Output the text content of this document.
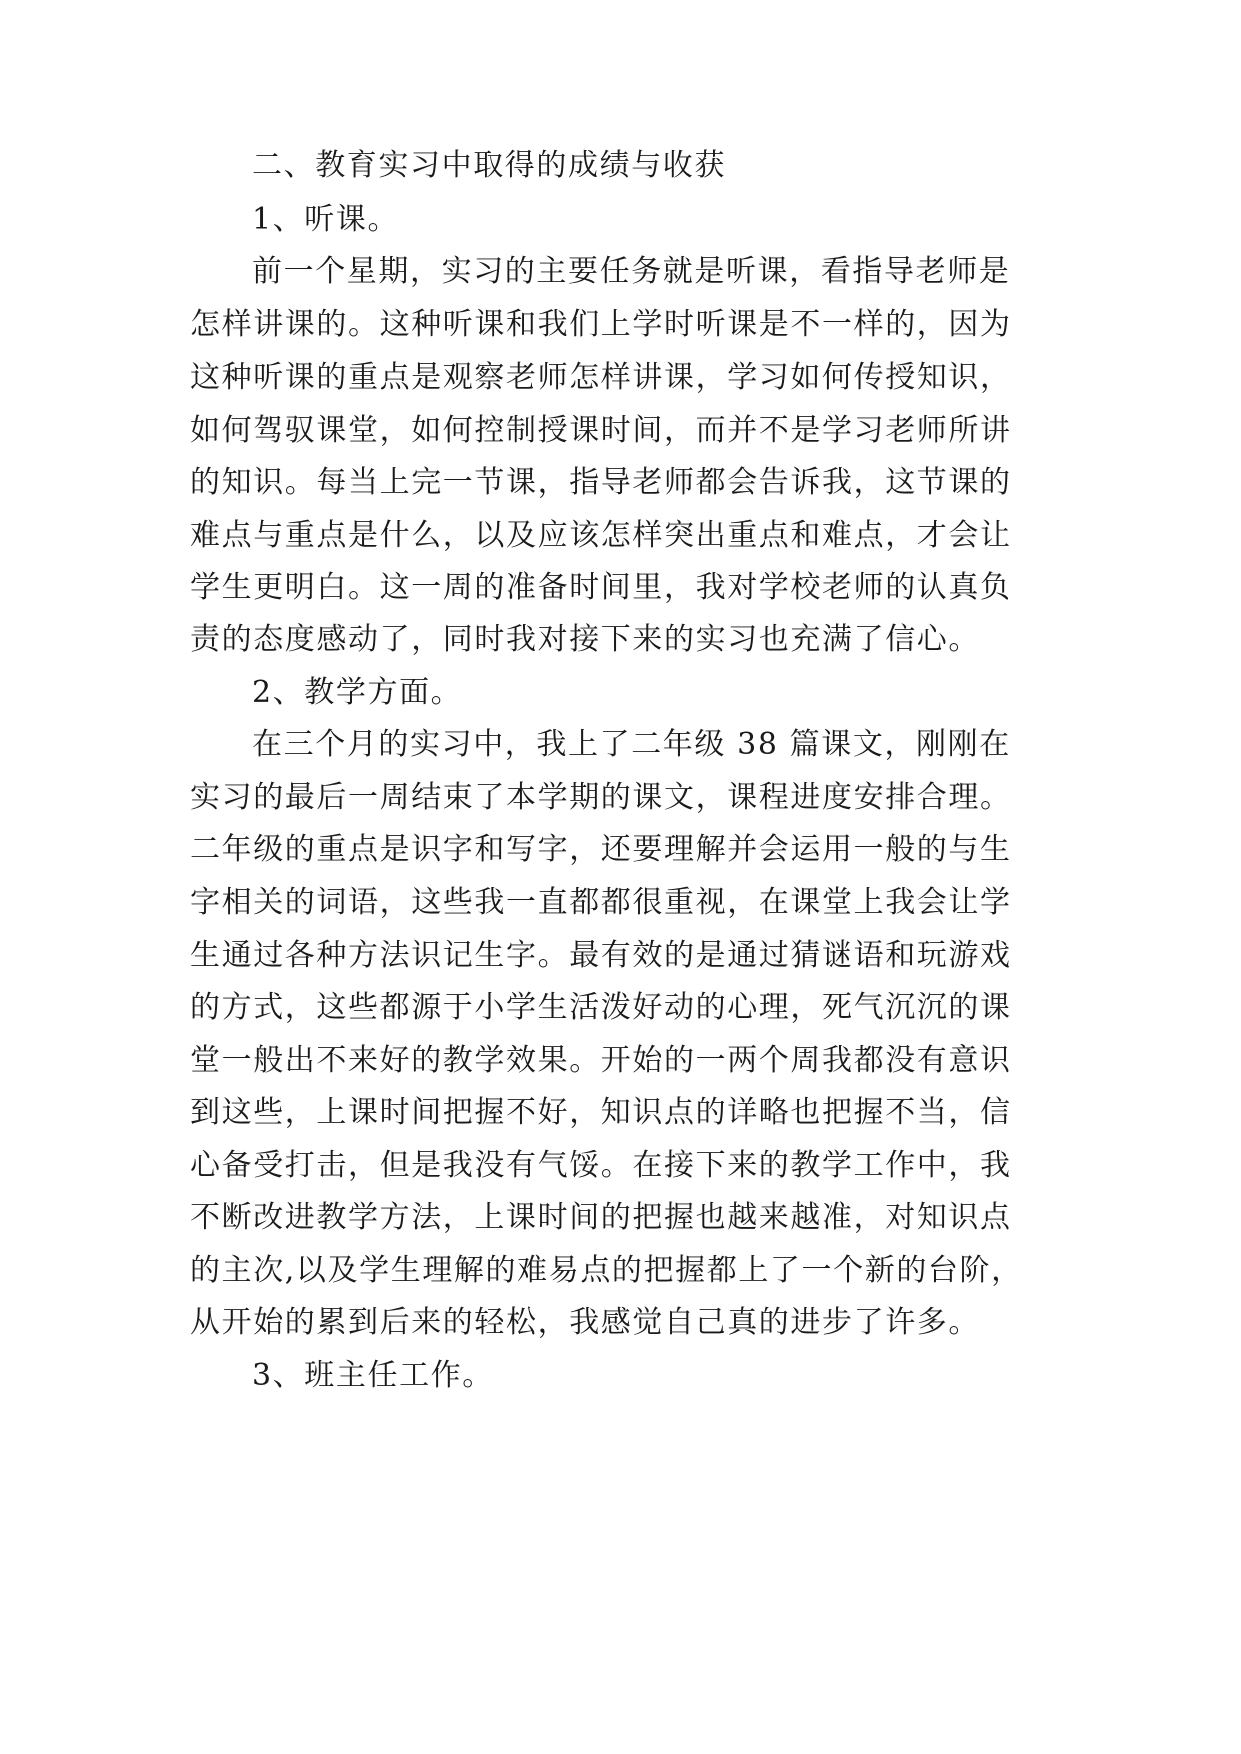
二、教育实习中取得的成绩与收获
1、听课。
前一个星期，实习的主要任务就是听课，看指导老师是
怎样讲课的。这种听课和我们上学时听课是不一样的，因为
这种听课的重点是观察老师怎样讲课，学习如何传授知识，
如何驾驭课堂，如何控制授课时间，而并不是学习老师所讲
的知识。每当上完一节课，指导老师都会告诉我，这节课的
难点与重点是什么，以及应该怎样突出重点和难点，才会让
学生更明白。这一周的准备时间里，我对学校老师的认真负
责的态度感动了，同时我对接下来的实习也充满了信心。
2、教学方面。
在三个月的实习中，我上了二年级 38 篇课文，刚刚在
实习的最后一周结束了本学期的课文，课程进度安排合理。
二年级的重点是识字和写字，还要理解并会运用一般的与生
字相关的词语，这些我一直都都很重视，在课堂上我会让学
生通过各种方法识记生字。最有效的是通过猜谜语和玩游戏
的方式，这些都源于小学生活泼好动的心理，死气沉沉的课
堂一般出不来好的教学效果。开始的一两个周我都没有意识
到这些，上课时间把握不好，知识点的详略也把握不当，信
心备受打击，但是我没有气馁。在接下来的教学工作中，我
不断改进教学方法，上课时间的把握也越来越准，对知识点
的主次,以及学生理解的难易点的把握都上了一个新的台阶，
从开始的累到后来的轻松，我感觉自己真的进步了许多。
3、班主任工作。
